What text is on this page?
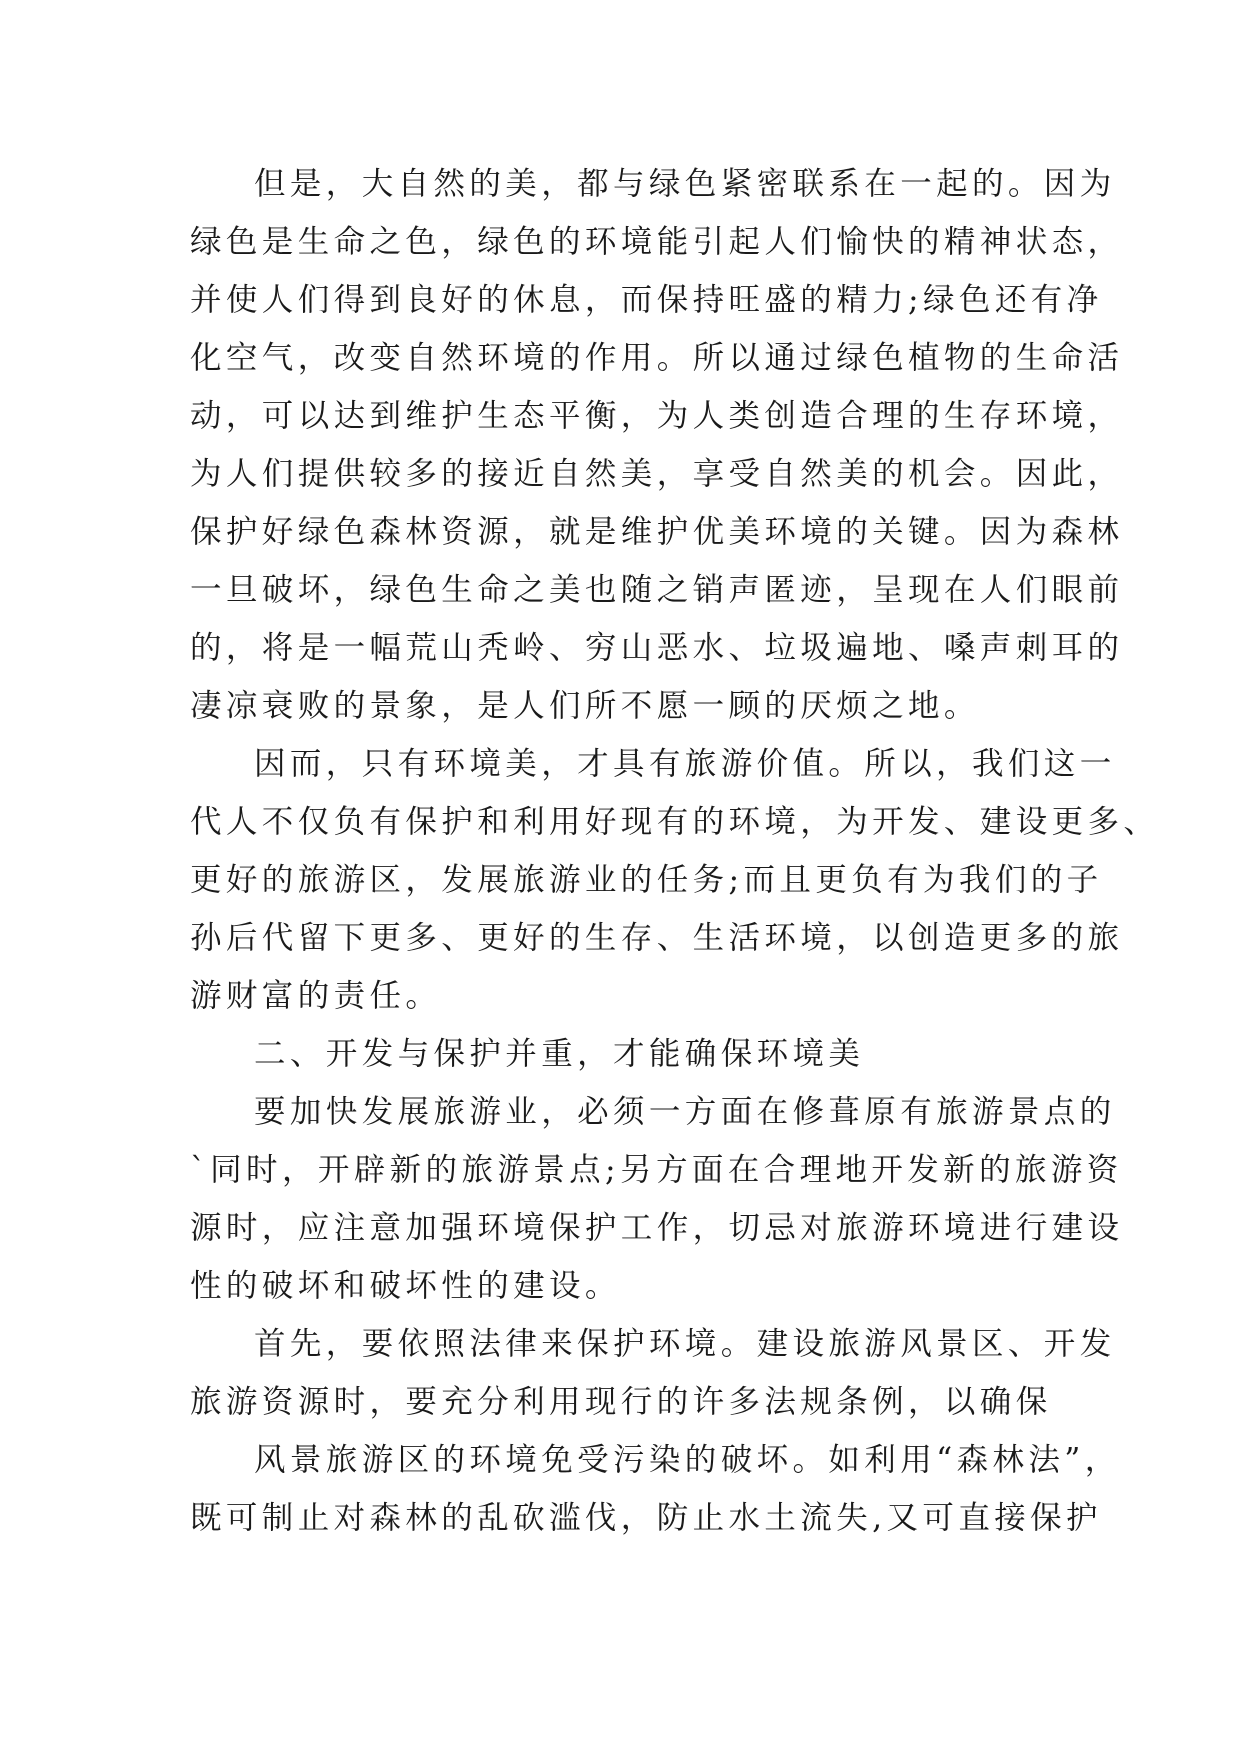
但是，大自然的美，都与绿色紧密联系在一起的。因为
绿色是生命之色，绿色的环境能引起人们愉快的精神状态，
并使人们得到良好的休息，而保持旺盛的精力;绿色还有净
化空气，改变自然环境的作用。所以通过绿色植物的生命活
动，可以达到维护生态平衡，为人类创造合理的生存环境，
为人们提供较多的接近自然美，享受自然美的机会。因此，
保护好绿色森林资源，就是维护优美环境的关键。因为森林
一旦破坏，绿色生命之美也随之销声匿迹，呈现在人们眼前
的，将是一幅荒山秃岭、穷山恶水、垃圾遍地、嗓声刺耳的
凄凉衰败的景象，是人们所不愿一顾的厌烦之地。
因而，只有环境美，才具有旅游价值。所以，我们这一
代人不仅负有保护和利用好现有的环境，为开发、建设更多、
更好的旅游区，发展旅游业的任务;而且更负有为我们的子
孙后代留下更多、更好的生存、生活环境，以创造更多的旅
游财富的责任。
二、开发与保护并重，才能确保环境美
要加快发展旅游业，必须一方面在修葺原有旅游景点的
`同时，开辟新的旅游景点;另方面在合理地开发新的旅游资
源时，应注意加强环境保护工作，切忌对旅游环境进行建设
性的破坏和破坏性的建设。
首先，要依照法律来保护环境。建设旅游风景区、开发
旅游资源时，要充分利用现行的许多法规条例，以确保
风景旅游区的环境免受污染的破坏。如利用“森林法”，
既可制止对森林的乱砍滥伐，防止水土流失,又可直接保护
